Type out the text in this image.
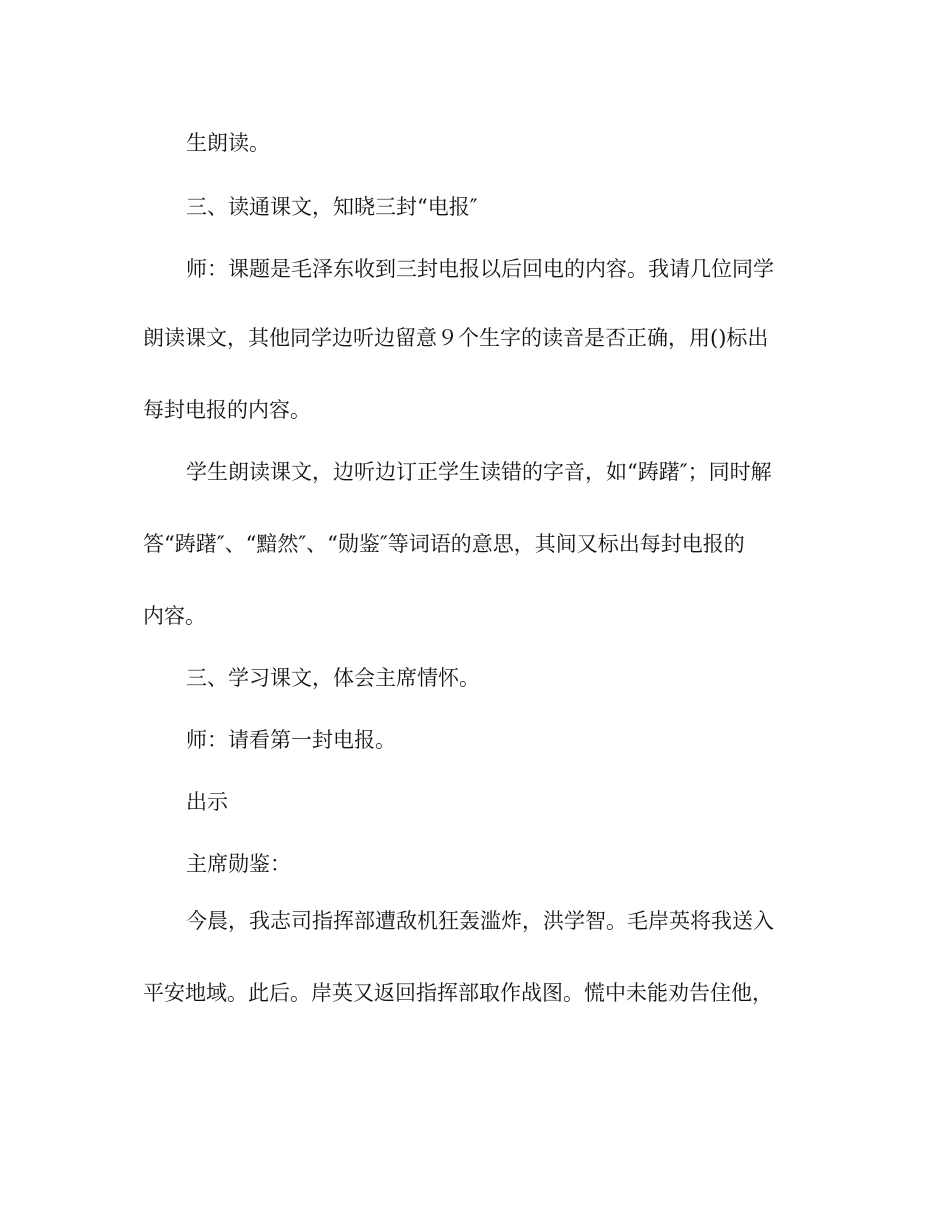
生朗读。
三、读通课文，知晓三封“电报″
师：课题是毛泽东收到三封电报以后回电的内容。我请几位同学
朗读课文，其他同学边听边留意９个生字的读音是否正确，用()标出
每封电报的内容。
学生朗读课文，边听边订正学生读错的字音，如“踌躇″；同时解
答“踌躇″、“黯然″、“勋鉴″等词语的意思，其间又标出每封电报的
内容。
三、学习课文，体会主席情怀。
师：请看第一封电报。
出示
主席勋鉴：
今晨，我志司指挥部遭敌机狂轰滥炸，洪学智。毛岸英将我送入
平安地域。此后。岸英又返回指挥部取作战图。慌中未能劝告住他，
